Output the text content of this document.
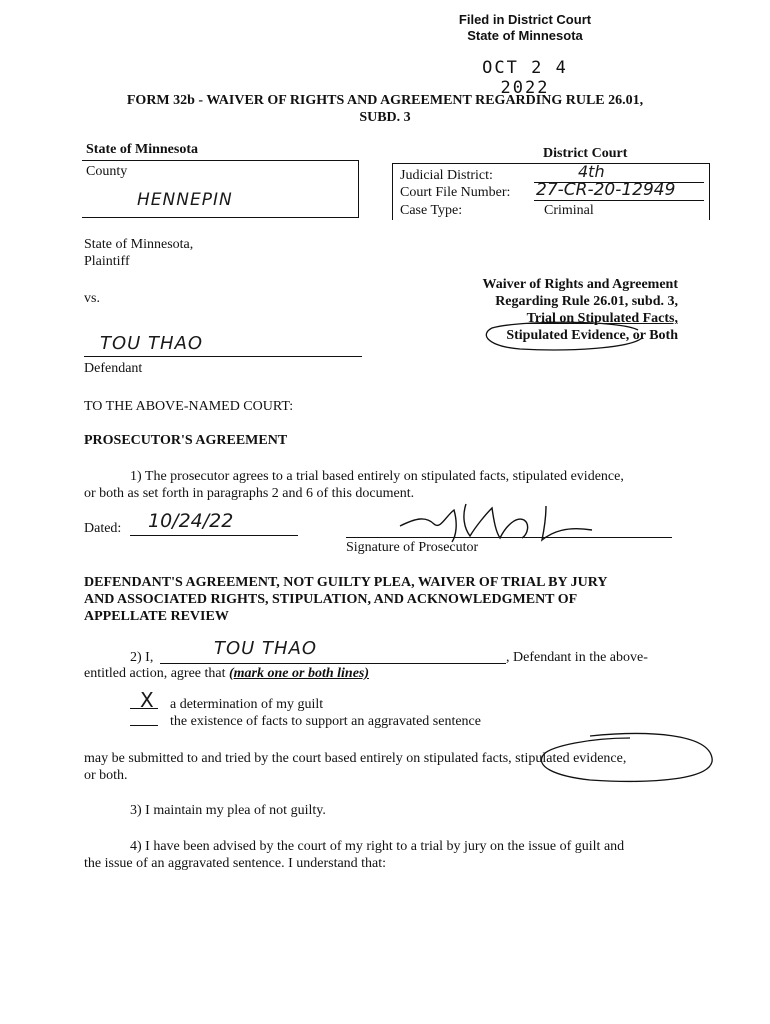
Filed in District Court
State of Minnesota
OCT 2 4 2022
FORM 32b - WAIVER OF RIGHTS AND AGREEMENT REGARDING RULE 26.01,
SUBD. 3
State of Minnesota	District Court
County
HENNEPIN
Judicial District:	4th
Court File Number: 27-CR-20-12949
Case Type:	Criminal
State of Minnesota,
Plaintiff
vs.
TOU THAO
Defendant
Waiver of Rights and Agreement
Regarding Rule 26.01, subd. 3,
Trial on Stipulated Facts,
Stipulated Evidence, or Both
TO THE ABOVE-NAMED COURT:
PROSECUTOR'S AGREEMENT
1) The prosecutor agrees to a trial based entirely on stipulated facts, stipulated evidence,
or both as set forth in paragraphs 2 and 6 of this document.
Dated: 10/24/22
Signature of Prosecutor
DEFENDANT'S AGREEMENT, NOT GUILTY PLEA, WAIVER OF TRIAL BY JURY
AND ASSOCIATED RIGHTS, STIPULATION, AND ACKNOWLEDGMENT OF
APPELLATE REVIEW
2) I,	TOU THAO	, Defendant in the above-
entitled action, agree that (mark one or both lines)
X a determination of my guilt
the existence of facts to support an aggravated sentence
may be submitted to and tried by the court based entirely on stipulated facts, stipulated evidence,
or both.
3) I maintain my plea of not guilty.
4) I have been advised by the court of my right to a trial by jury on the issue of guilt and
the issue of an aggravated sentence. I understand that:
